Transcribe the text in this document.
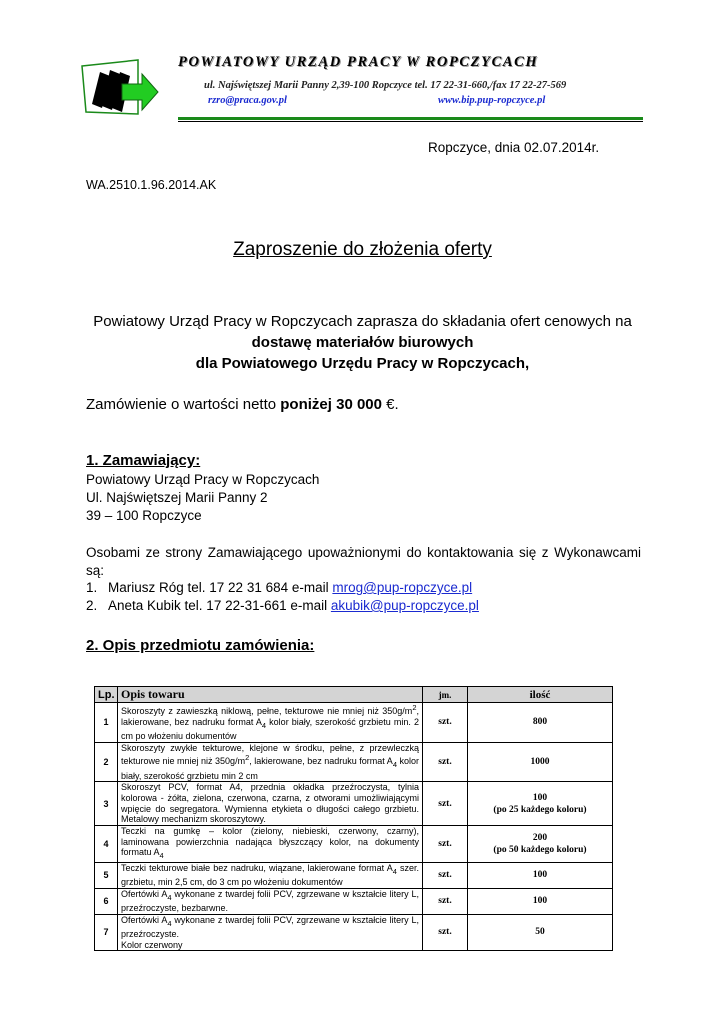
POWIATOWY URZĄD PRACY W ROPCZYCACH
ul. Najświętszej Marii Panny 2,39-100 Ropczyce tel. 17 22-31-660,/fax 17 22-27-569
rzro@praca.gov.pl	www.bip.pup-ropczyce.pl
Ropczyce, dnia 02.07.2014r.
WA.2510.1.96.2014.AK
Zaproszenie do złożenia oferty
Powiatowy Urząd Pracy w Ropczycach zaprasza do składania ofert cenowych na
dostawę materiałów biurowych
dla Powiatowego Urzędu Pracy w Ropczycach,
Zamówienie o wartości netto poniżej 30 000 €.
1. Zamawiający:
Powiatowy Urząd Pracy w Ropczycach
Ul. Najświętszej Marii Panny 2
39 – 100 Ropczyce
Osobami ze strony Zamawiającego upoważnionymi do kontaktowania się z Wykonawcami są:
1. Mariusz Róg tel. 17 22 31 684 e-mail mrog@pup-ropczyce.pl
2. Aneta Kubik tel. 17 22-31-661 e-mail akubik@pup-ropczyce.pl
2. Opis przedmiotu zamówienia:
Lp.	Opis towaru	jm.	ilość
1	Skoroszyty z zawieszką niklową, pełne, tekturowe nie mniej niż $350g/m^2$, lakierowane, bez nadruku format $A_4$ kolor biały, szerokość grzbietu min. 2 cm po włożeniu dokumentów	szt.	800

2	Skoroszyty zwykłe tekturowe, klejone w środku, pełne, z przewleczką tekturowe nie mniej niż $350g/m^2$, lakierowane, bez nadruku format $A_4$ kolor biały, szerokość grzbietu min 2 cm	szt.	1000

3	Skoroszyt PCV, format A4, przednia okładka przeźroczysta, tylnia kolorowa - żółta, zielona, czerwona, czarna, z otworami umożliwiającymi wpięcie do segregatora. Wymienna etykieta o długości całego grzbietu. Metalowy mechanizm skoroszytowy.	szt.	100
(po 25 każdego koloru)

4	Teczki na gumkę – kolor (zielony, niebieski, czerwony, czarny), laminowana powierzchnia nadająca błyszczący kolor, na dokumenty formatu $A_4$	szt.	200
(po 50 każdego koloru)

5	Teczki tekturowe białe bez nadruku, wiązane, lakierowane format $A_4$ szer. grzbietu, min 2,5 cm, do 3 cm po włożeniu dokumentów	szt.	100

6	Ofertówki $A_4$ wykonane z twardej folii PCV, zgrzewane w kształcie litery L, przeźroczyste, bezbarwne.	szt.	100

7	Ofertówki $A_4$ wykonane z twardej folii PCV, zgrzewane w kształcie litery L, przeźroczyste.
Kolor czerwony	szt.	50
